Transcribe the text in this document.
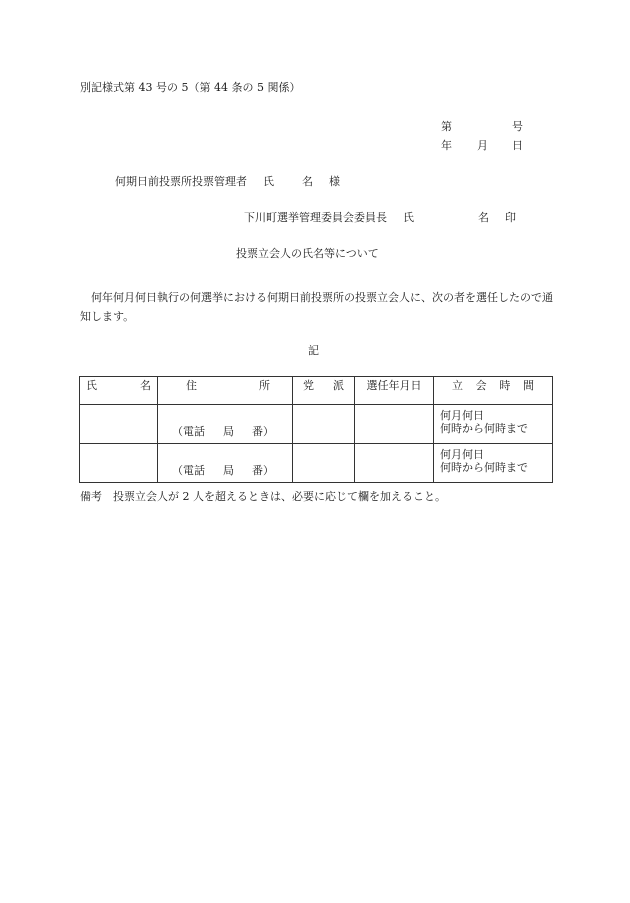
別記様式第 43 号の 5（第 44 条の 5 関係）
第	号
年 月 日
何期日前投票所投票管理者 氏	名 様
下川町選挙管理委員会委員長 氏	名 印
投票立会人の氏名等について
何年何月何日執行の何選挙における何期日前投票所の投票立会人に、次の者を選任したので通知します。
記
氏 名	住 所	党 派	選任年月日	立 会 時 間

	（電話 局 番）			何月何日
何時から何時まで

	（電話 局 番）			何月何日
何時から何時まで
備考　投票立会人が 2 人を超えるときは、必要に応じて欄を加えること。
